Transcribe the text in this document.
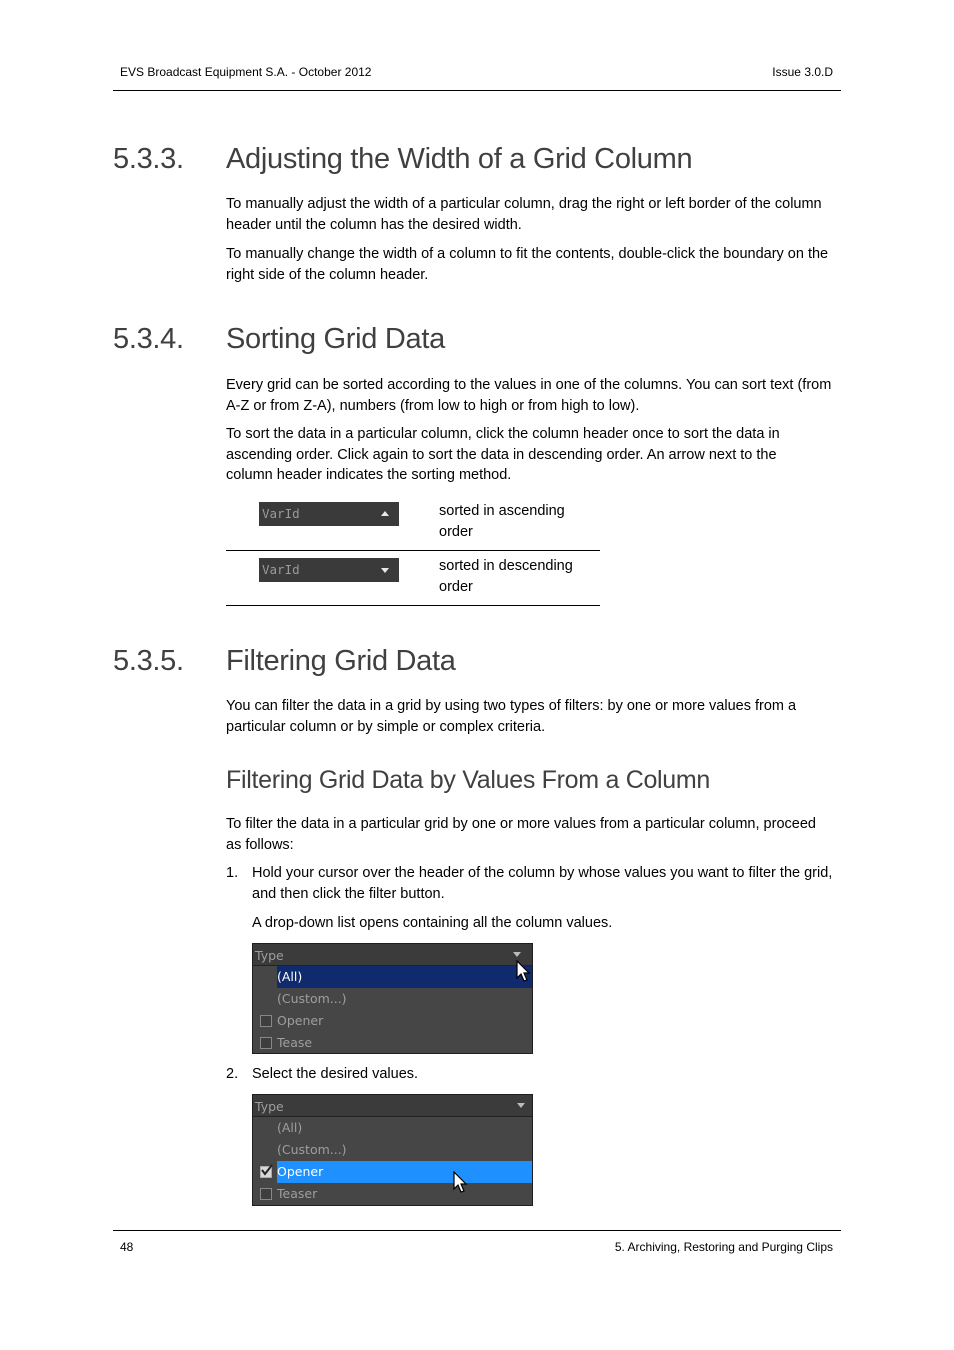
EVS Broadcast Equipment S.A. - October 2012	Issue 3.0.D
5.3.3. Adjusting the Width of a Grid Column
To manually adjust the width of a particular column, drag the right or left border of the column header until the column has the desired width.
To manually change the width of a column to fit the contents, double-click the boundary on the right side of the column header.
5.3.4. Sorting Grid Data
Every grid can be sorted according to the values in one of the columns. You can sort text (from A-Z or from Z-A), numbers (from low to high or from high to low).
To sort the data in a particular column, click the column header once to sort the data in ascending order. Click again to sort the data in descending order. An arrow next to the column header indicates the sorting method.
VarId	sorted in ascending order
VarId	sorted in descending order
5.3.5. Filtering Grid Data
You can filter the data in a grid by using two types of filters: by one or more values from a particular column or by simple or complex criteria.
Filtering Grid Data by Values From a Column
To filter the data in a particular grid by one or more values from a particular column, proceed as follows:
1. Hold your cursor over the header of the column by whose values you want to filter the grid, and then click the filter button.
A drop-down list opens containing all the column values.
Type
(All)
(Custom...)
Opener
Tease
2. Select the desired values.
Type
(All)
(Custom...)
Opener
Teaser
48	5. Archiving, Restoring and Purging Clips
